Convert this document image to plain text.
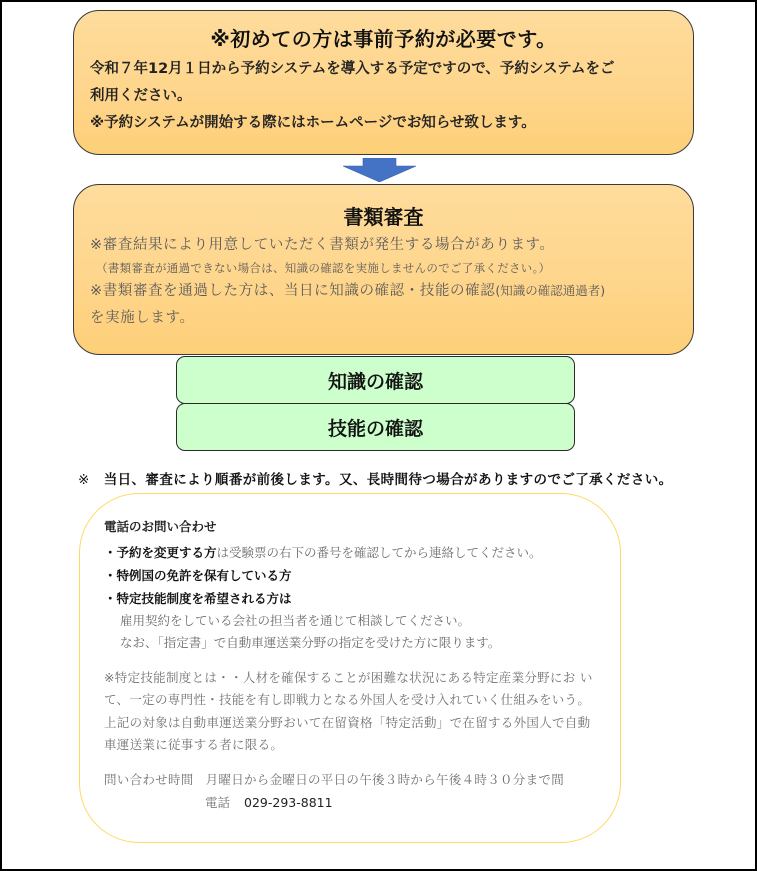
※初めての方は事前予約が必要です。
令和７年12月１日から予約システムを導入する予定ですので、予約システムをご
利用ください。
※予約システムが開始する際にはホームページでお知らせ致します。
書類審査
※審査結果により用意していただく書類が発生する場合があります。
（書類審査が通過できない場合は、知識の確認を実施しませんのでご了承ください。）
※書類審査を通過した方は、当日に知識の確認・技能の確認(知識の確認通過者)
を実施します。
知識の確認
技能の確認
※ 当日、審査により順番が前後します。又、長時間待つ場合がありますのでご了承ください。
電話のお問い合わせ
・予約を変更する方は受験票の右下の番号を確認してから連絡してください。
・特例国の免許を保有している方
・特定技能制度を希望される方は
雇用契約をしている会社の担当者を通じて相談してください。
なお、「指定書」で自動車運送業分野の指定を受けた方に限ります。
※特定技能制度とは・・人材を確保することが困難な状況にある特定産業分野にお い
て、一定の専門性・技能を有し即戦力となる外国人を受け入れていく仕組みをいう。
上記の対象は自動車運送業分野おいて在留資格「特定活動」で在留する外国人で自動
車運送業に従事する者に限る。
問い合わせ時間 月曜日から金曜日の平日の午後３時から午後４時３０分まで間
電話 029-293-8811
